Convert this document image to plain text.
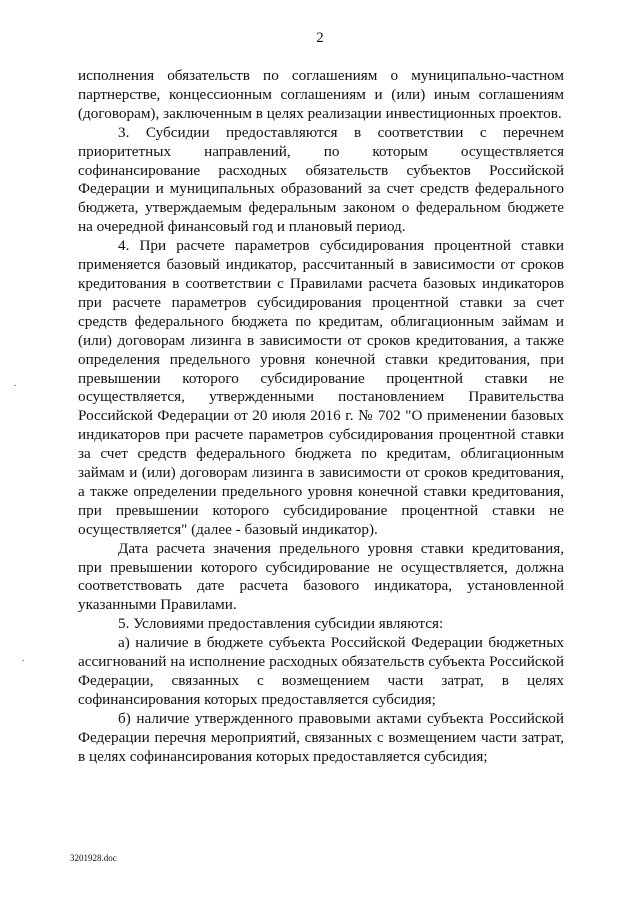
2

исполнения обязательств по соглашениям о муниципально-частном партнерстве, концессионным соглашениям и (или) иным соглашениям (договорам), заключенным в целях реализации инвестиционных проектов.

3. Субсидии предоставляются в соответствии с перечнем приоритетных направлений, по которым осуществляется софинансирование расходных обязательств субъектов Российской Федерации и муниципальных образований за счет средств федерального бюджета, утверждаемым федеральным законом о федеральном бюджете на очередной финансовый год и плановый период.

4. При расчете параметров субсидирования процентной ставки применяется базовый индикатор, рассчитанный в зависимости от сроков кредитования в соответствии с Правилами расчета базовых индикаторов при расчете параметров субсидирования процентной ставки за счет средств федерального бюджета по кредитам, облигационным займам и (или) договорам лизинга в зависимости от сроков кредитования, а также определения предельного уровня конечной ставки кредитования, при превышении которого субсидирование процентной ставки не осуществляется, утвержденными постановлением Правительства Российской Федерации от 20 июля 2016 г. № 702 "О применении базовых индикаторов при расчете параметров субсидирования процентной ставки за счет средств федерального бюджета по кредитам, облигационным займам и (или) договорам лизинга в зависимости от сроков кредитования, а также определении предельного уровня конечной ставки кредитования, при превышении которого субсидирование процентной ставки не осуществляется" (далее - базовый индикатор).

Дата расчета значения предельного уровня ставки кредитования, при превышении которого субсидирование не осуществляется, должна соответствовать дате расчета базового индикатора, установленной указанными Правилами.

5. Условиями предоставления субсидии являются:

а) наличие в бюджете субъекта Российской Федерации бюджетных ассигнований на исполнение расходных обязательств субъекта Российской Федерации, связанных с возмещением части затрат, в целях софинансирования которых предоставляется субсидия;

б) наличие утвержденного правовыми актами субъекта Российской Федерации перечня мероприятий, связанных с возмещением части затрат, в целях софинансирования которых предоставляется субсидия;

3201928.doc
